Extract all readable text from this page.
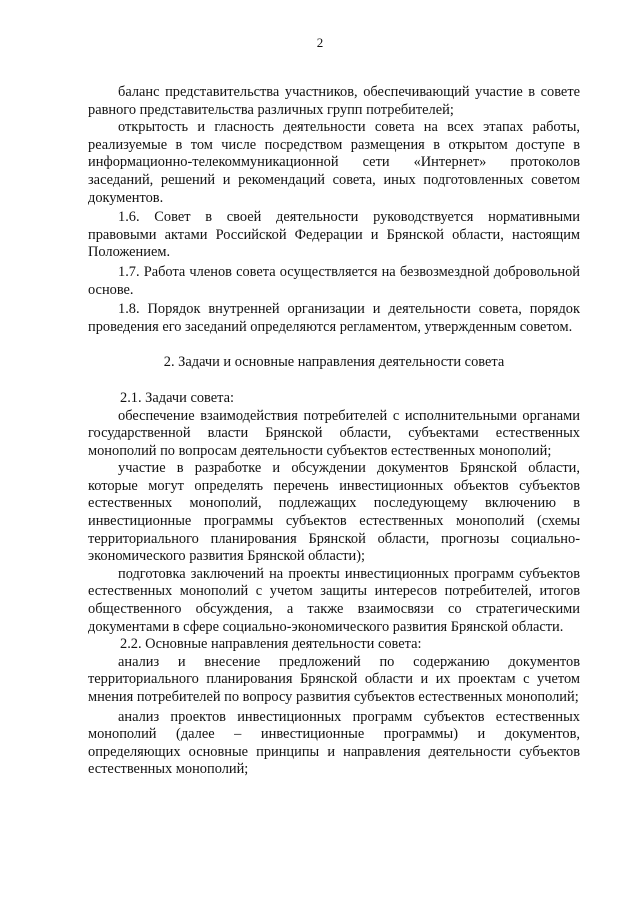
2

баланс представительства участников, обеспечивающий участие в совете равного представительства различных групп потребителей;

открытость и гласность деятельности совета на всех этапах работы, реализуемые в том числе посредством размещения в открытом доступе в информационно-телекоммуникационной сети «Интернет» протоколов заседаний, решений и рекомендаций совета, иных подготовленных советом документов.

1.6. Совет в своей деятельности руководствуется нормативными правовыми актами Российской Федерации и Брянской области, настоящим Положением.

1.7. Работа членов совета осуществляется на безвозмездной добровольной основе.

1.8. Порядок внутренней организации и деятельности совета, порядок проведения его заседаний определяются регламентом, утвержденным советом.

2. Задачи и основные направления деятельности совета

2.1. Задачи совета:

обеспечение взаимодействия потребителей с исполнительными органами государственной власти Брянской области, субъектами естественных монополий по вопросам деятельности субъектов естественных монополий;

участие в разработке и обсуждении документов Брянской области, которые могут определять перечень инвестиционных объектов субъектов естественных монополий, подлежащих последующему включению в инвестиционные программы субъектов естественных монополий (схемы территориального планирования Брянской области, прогнозы социально-экономического развития Брянской области);

подготовка заключений на проекты инвестиционных программ субъектов естественных монополий с учетом защиты интересов потребителей, итогов общественного обсуждения, а также взаимосвязи со стратегическими документами в сфере социально-экономического развития Брянской области.

2.2. Основные направления деятельности совета:

анализ и внесение предложений по содержанию документов территориального планирования Брянской области и их проектам с учетом мнения потребителей по вопросу развития субъектов естественных монополий;

анализ проектов инвестиционных программ субъектов естественных монополий (далее – инвестиционные программы) и документов, определяющих основные принципы и направления деятельности субъектов естественных монополий;
